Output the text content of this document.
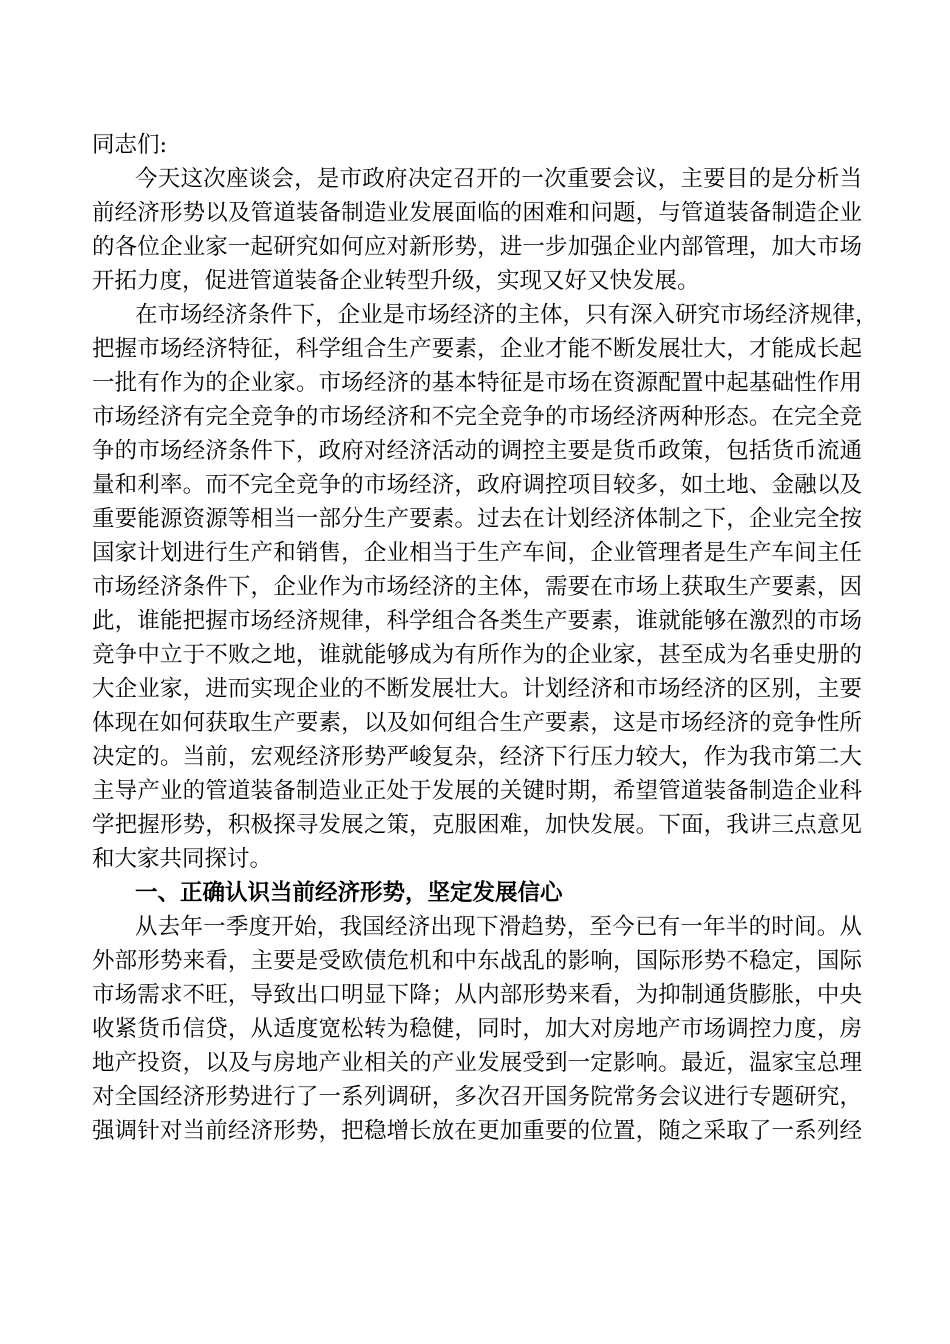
同志们:
今天这次座谈会，是市政府决定召开的一次重要会议，主要目的是分析当
前经济形势以及管道装备制造业发展面临的困难和问题，与管道装备制造企业
的各位企业家一起研究如何应对新形势，进一步加强企业内部管理，加大市场
开拓力度，促进管道装备企业转型升级，实现又好又快发展。
在市场经济条件下，企业是市场经济的主体，只有深入研究市场经济规律，
把握市场经济特征，科学组合生产要素，企业才能不断发展壮大，才能成长起
一批有作为的企业家。市场经济的基本特征是市场在资源配置中起基础性作用
市场经济有完全竞争的市场经济和不完全竞争的市场经济两种形态。在完全竞
争的市场经济条件下，政府对经济活动的调控主要是货币政策，包括货币流通
量和利率。而不完全竞争的市场经济，政府调控项目较多，如土地、金融以及
重要能源资源等相当一部分生产要素。过去在计划经济体制之下，企业完全按
国家计划进行生产和销售，企业相当于生产车间，企业管理者是生产车间主任
市场经济条件下，企业作为市场经济的主体，需要在市场上获取生产要素，因
此，谁能把握市场经济规律，科学组合各类生产要素，谁就能够在激烈的市场
竞争中立于不败之地，谁就能够成为有所作为的企业家，甚至成为名垂史册的
大企业家，进而实现企业的不断发展壮大。计划经济和市场经济的区别，主要
体现在如何获取生产要素，以及如何组合生产要素，这是市场经济的竞争性所
决定的。当前，宏观经济形势严峻复杂，经济下行压力较大，作为我市第二大
主导产业的管道装备制造业正处于发展的关键时期，希望管道装备制造企业科
学把握形势，积极探寻发展之策，克服困难，加快发展。下面，我讲三点意见
和大家共同探讨。
一、正确认识当前经济形势，坚定发展信心
从去年一季度开始，我国经济出现下滑趋势，至今已有一年半的时间。从
外部形势来看，主要是受欧债危机和中东战乱的影响，国际形势不稳定，国际
市场需求不旺，导致出口明显下降；从内部形势来看，为抑制通货膨胀，中央
收紧货币信贷，从适度宽松转为稳健，同时，加大对房地产市场调控力度，房
地产投资，以及与房地产业相关的产业发展受到一定影响。最近，温家宝总理
对全国经济形势进行了一系列调研，多次召开国务院常务会议进行专题研究，
强调针对当前经济形势，把稳增长放在更加重要的位置，随之采取了一系列经
